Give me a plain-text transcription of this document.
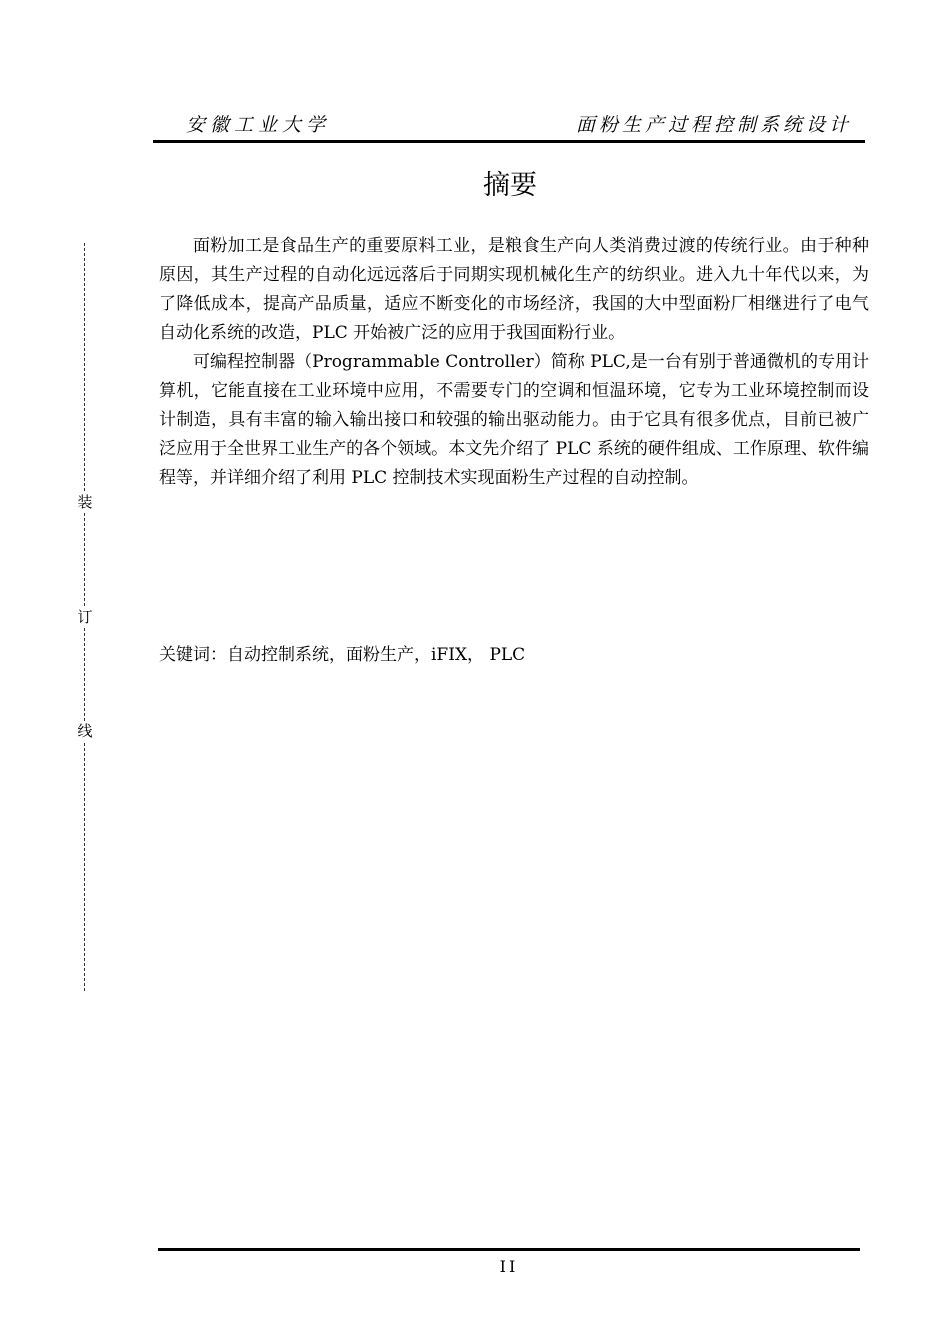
安徽工业大学	面粉生产过程控制系统设计
摘要
装
订
线

面粉加工是食品生产的重要原料工业，是粮食生产向人类消费过渡的传统行业。由于种种原因，其生产过程的自动化远远落后于同期实现机械化生产的纺织业。进入九十年代以来，为了降低成本，提高产品质量，适应不断变化的市场经济，我国的大中型面粉厂相继进行了电气自动化系统的改造，PLC 开始被广泛的应用于我国面粉行业。

可编程控制器（Programmable Controller）简称 PLC,是一台有别于普通微机的专用计算机，它能直接在工业环境中应用，不需要专门的空调和恒温环境，它专为工业环境控制而设计制造，具有丰富的输入输出接口和较强的输出驱动能力。由于它具有很多优点，目前已被广泛应用于全世界工业生产的各个领域。本文先介绍了 PLC 系统的硬件组成、工作原理、软件编程等，并详细介绍了利用 PLC 控制技术实现面粉生产过程的自动控制。

关键词：自动控制系统，面粉生产，iFIX， PLC
II
